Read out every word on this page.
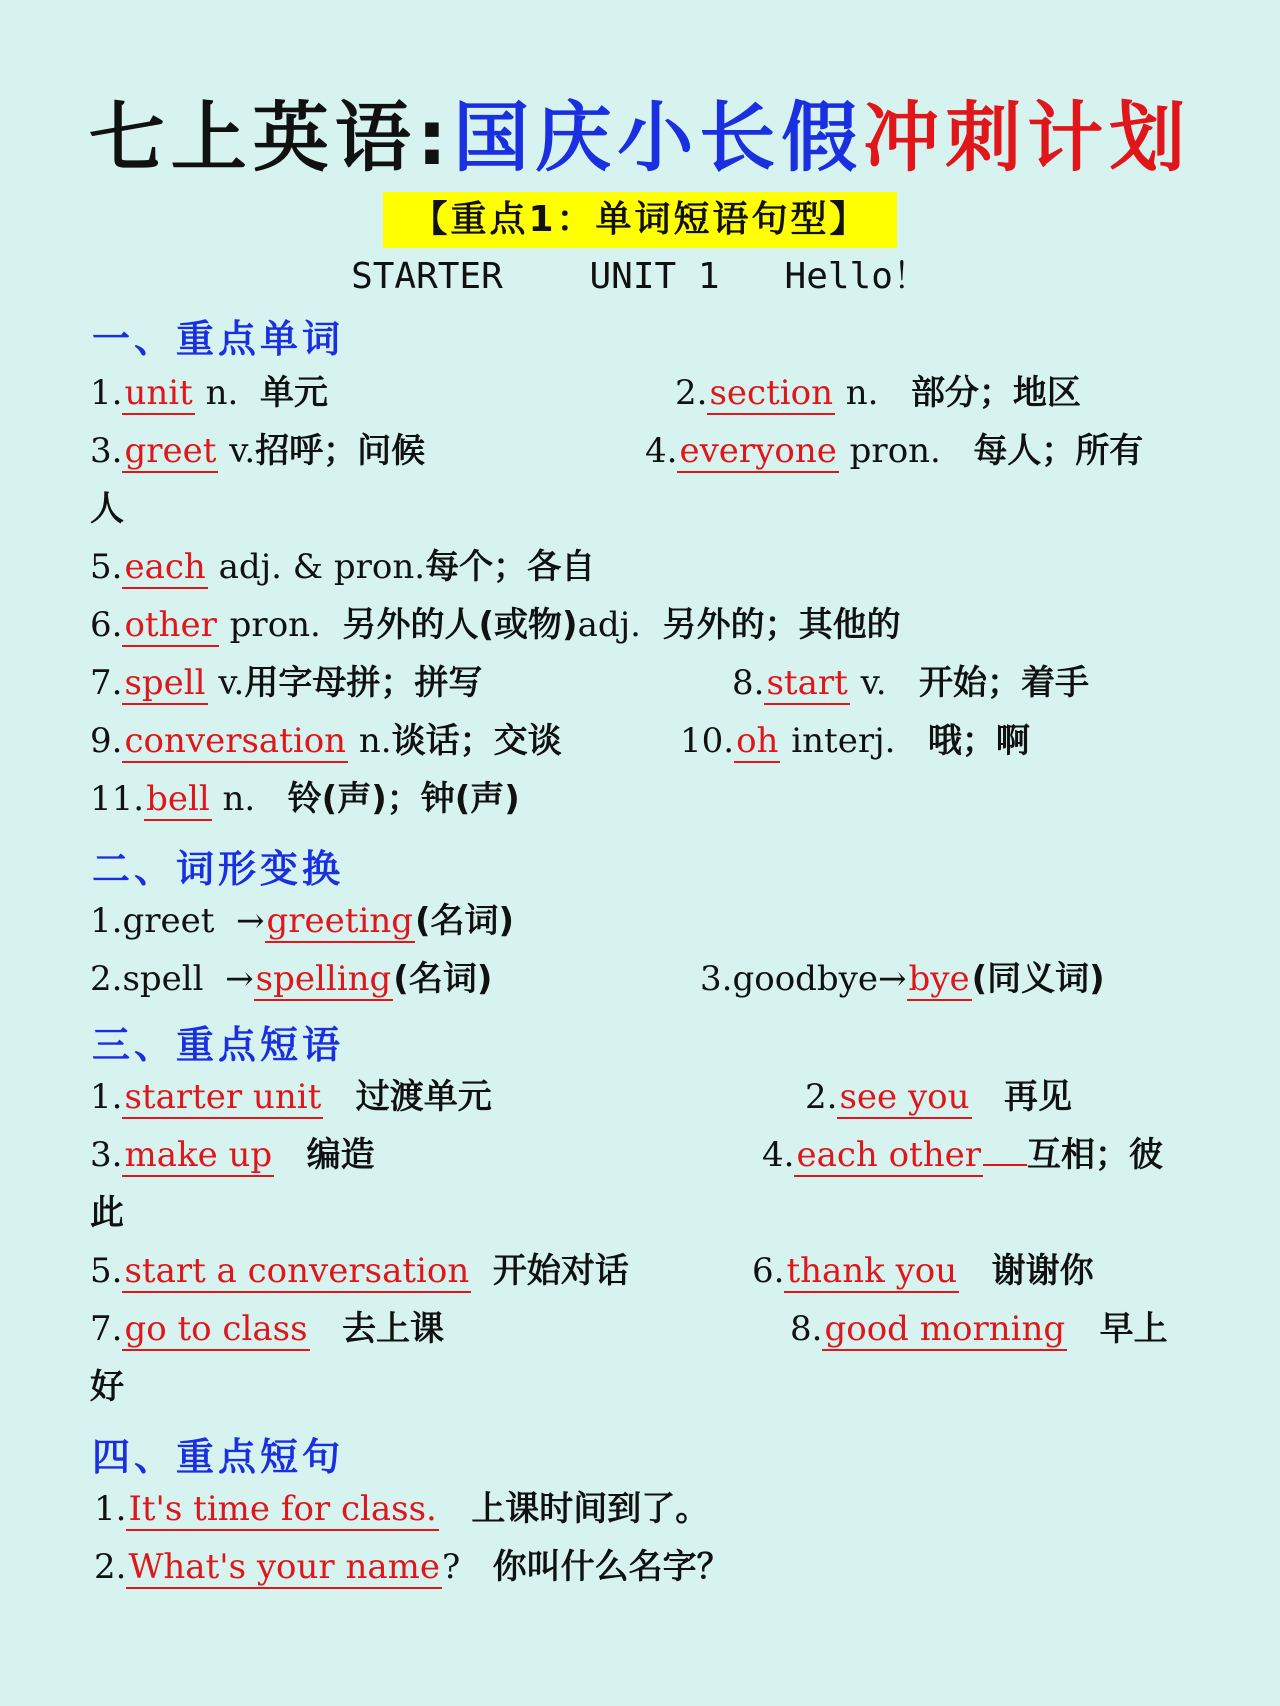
七上英语:国庆小长假冲刺计划
【重点1：单词短语句型】
STARTER    UNIT 1   Hello！
一、重点单词
1.unit n. 单元	2.section n. 部分；地区
3.greet v.招呼；问候	4.everyone pron. 每人；所有
人
5.each adj. & pron.每个；各自
6.other pron. 另外的人(或物)adj. 另外的；其他的
7.spell v.用字母拼；拼写	8.start v. 开始；着手
9.conversation n.谈话；交谈	10.oh interj. 哦；啊
11.bell n. 铃(声)；钟(声)
二、词形变换
1.greet →greeting(名词)
2.spell →spelling(名词)	3.goodbye→bye(同义词)
三、重点短语
1.starter unit 过渡单元	2.see you 再见
3.make up 编造	4.each other 互相；彼
此
5.start a conversation 开始对话	6.thank you 谢谢你
7.go to class 去上课	8.good morning 早上
好
四、重点短句
1.It's time for class. 上课时间到了。
2.What's your name? 你叫什么名字？
